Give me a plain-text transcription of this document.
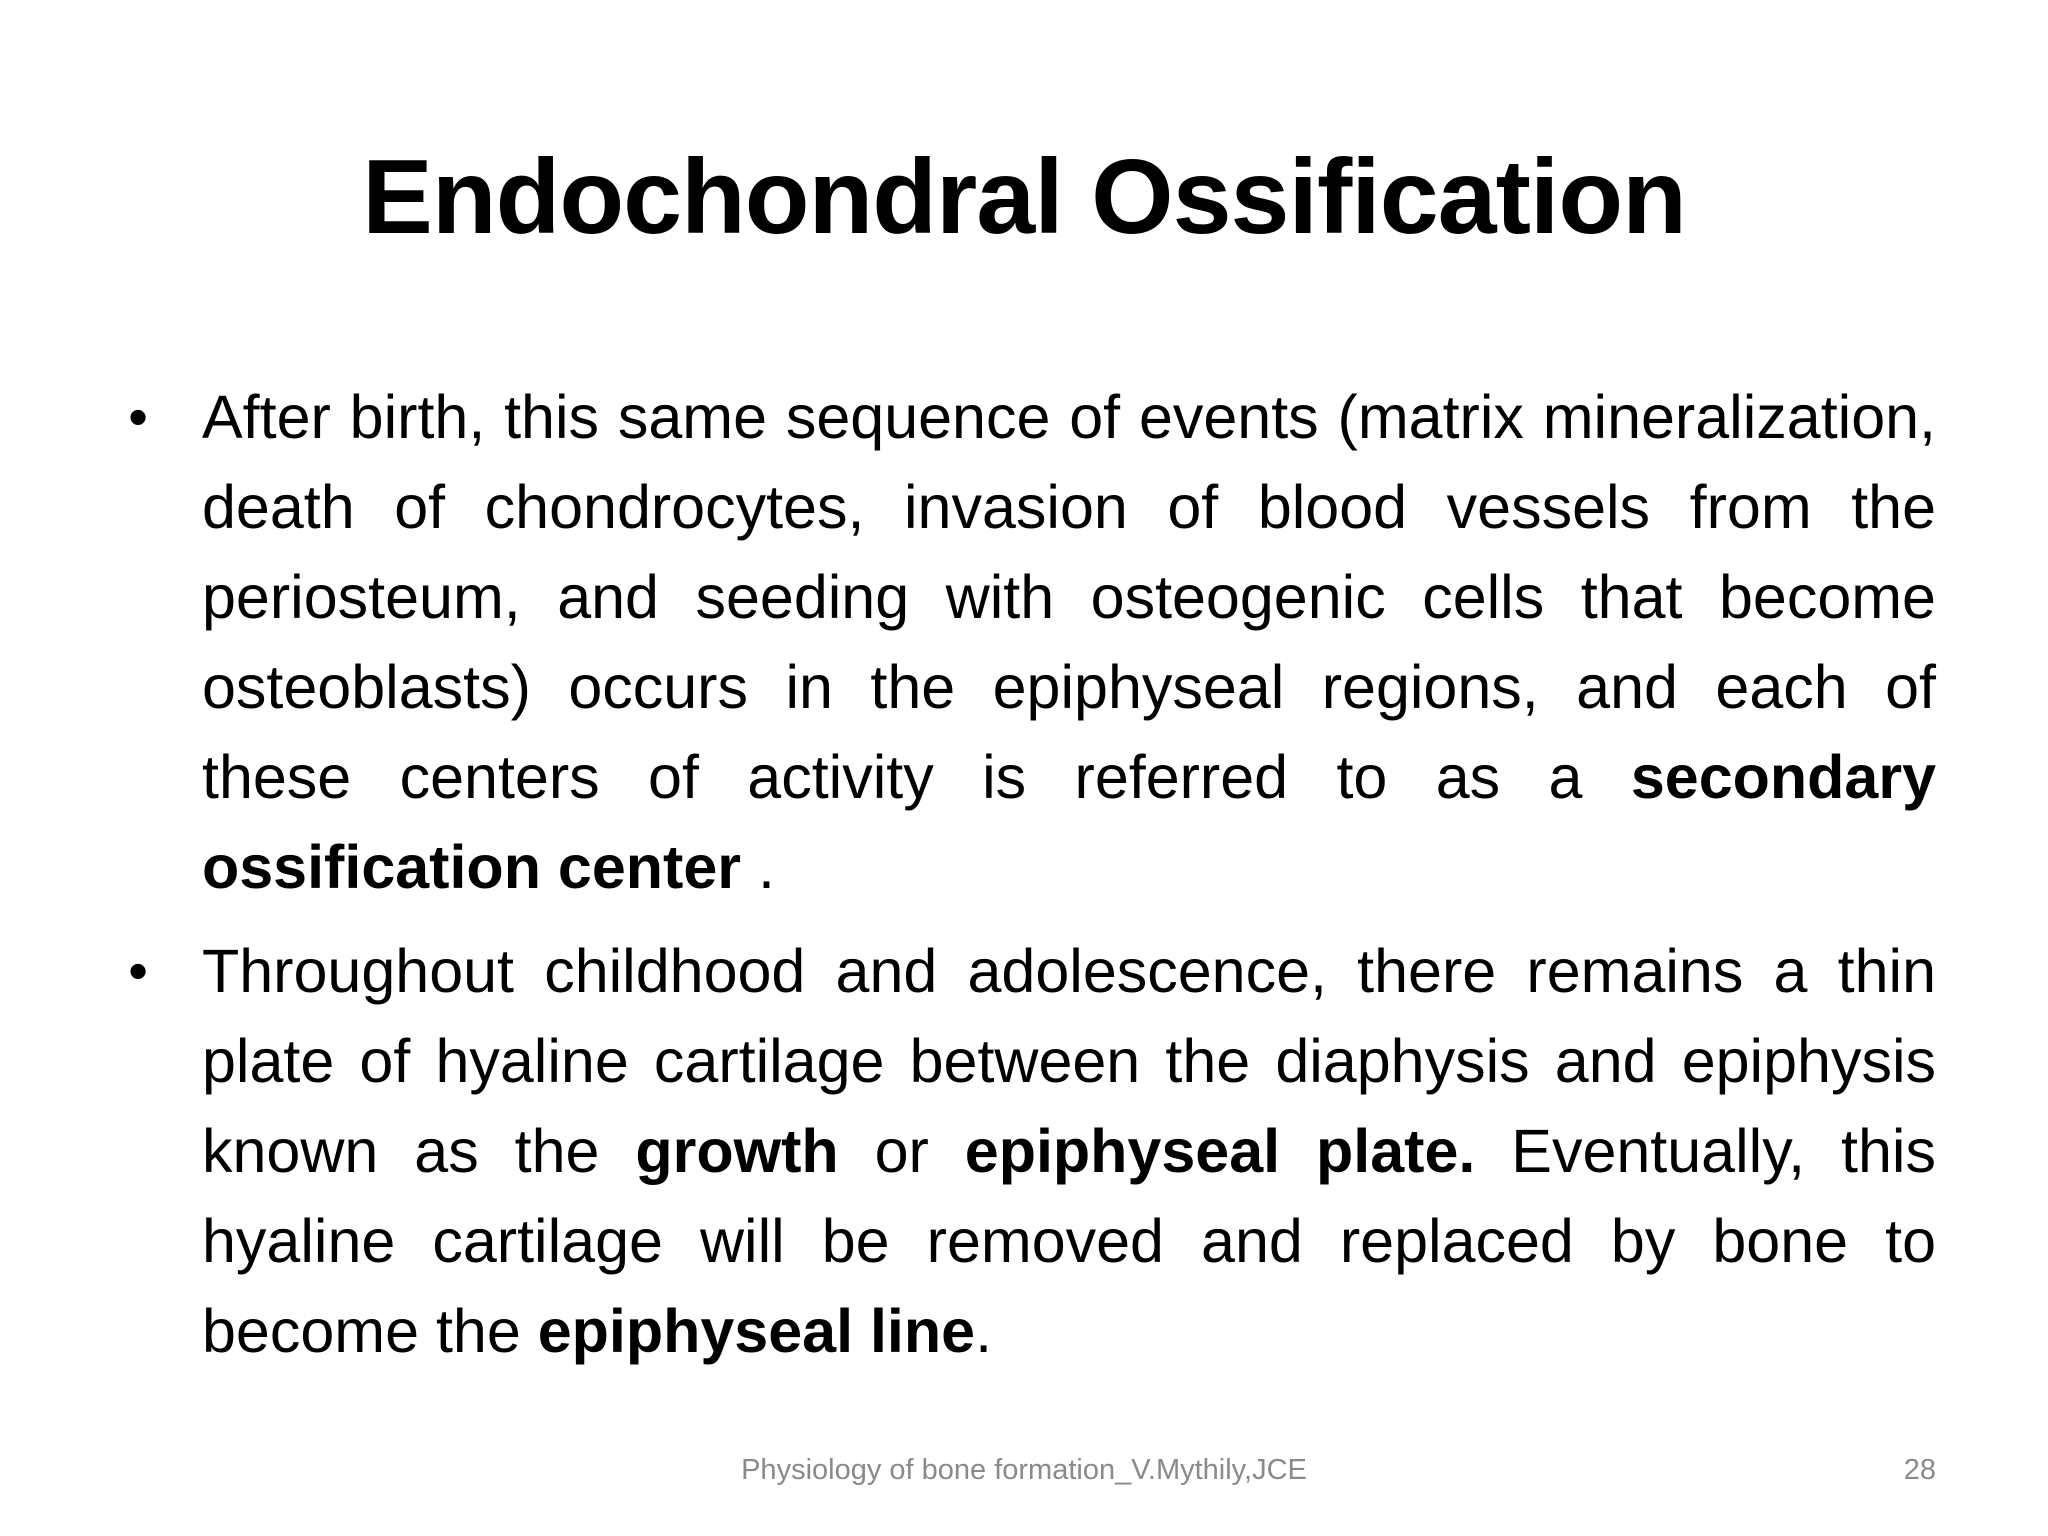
Endochondral Ossification
• After birth, this same sequence of events (matrix mineralization, death of chondrocytes, invasion of blood vessels from the periosteum, and seeding with osteogenic cells that become osteoblasts) occurs in the epiphyseal regions, and each of these centers of activity is referred to as a secondary ossification center .
• Throughout childhood and adolescence, there remains a thin plate of hyaline cartilage between the diaphysis and epiphysis known as the growth or epiphyseal plate. Eventually, this hyaline cartilage will be removed and replaced by bone to become the epiphyseal line.
Physiology of bone formation_V.Mythily,JCE	28
